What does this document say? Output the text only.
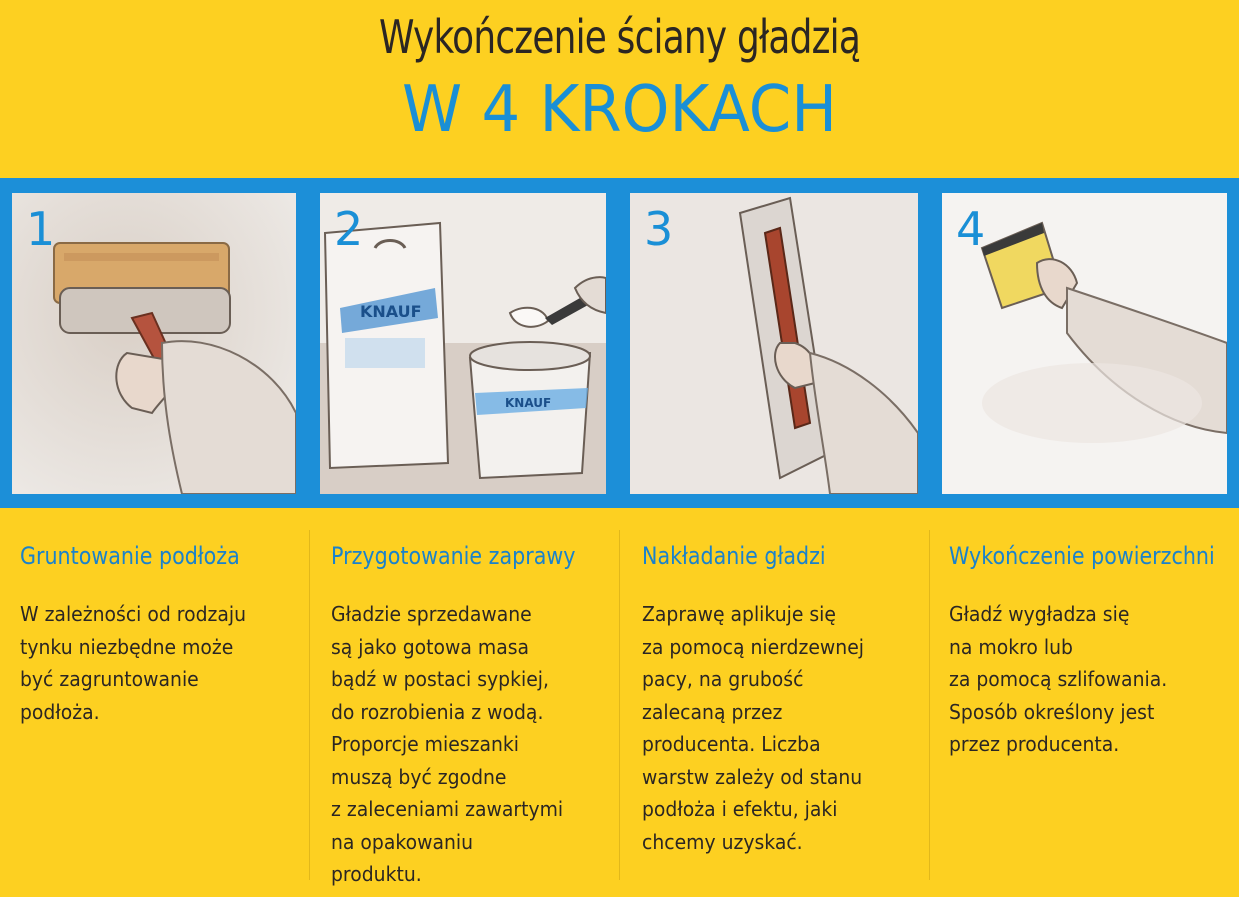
Wykończenie ściany gładzią
W 4 KROKACH
1	2
KNAUF
KNAUF
3	4
Gruntowanie podłoża

W zależności od rodzaju
tynku niezbędne może
być zagruntowanie
podłoża.

Przygotowanie zaprawy

Gładzie sprzedawane
są jako gotowa masa
bądź w postaci sypkiej,
do rozrobienia z wodą.
Proporcje mieszanki
muszą być zgodne
z zaleceniami zawartymi
na opakowaniu
produktu.

Nakładanie gładzi

Zaprawę aplikuje się
za pomocą nierdzewnej
pacy, na grubość
zalecaną przez
producenta. Liczba
warstw zależy od stanu
podłoża i efektu, jaki
chcemy uzyskać.

Wykończenie powierzchni

Gładź wygładza się
na mokro lub
za pomocą szlifowania.
Sposób określony jest
przez producenta.
